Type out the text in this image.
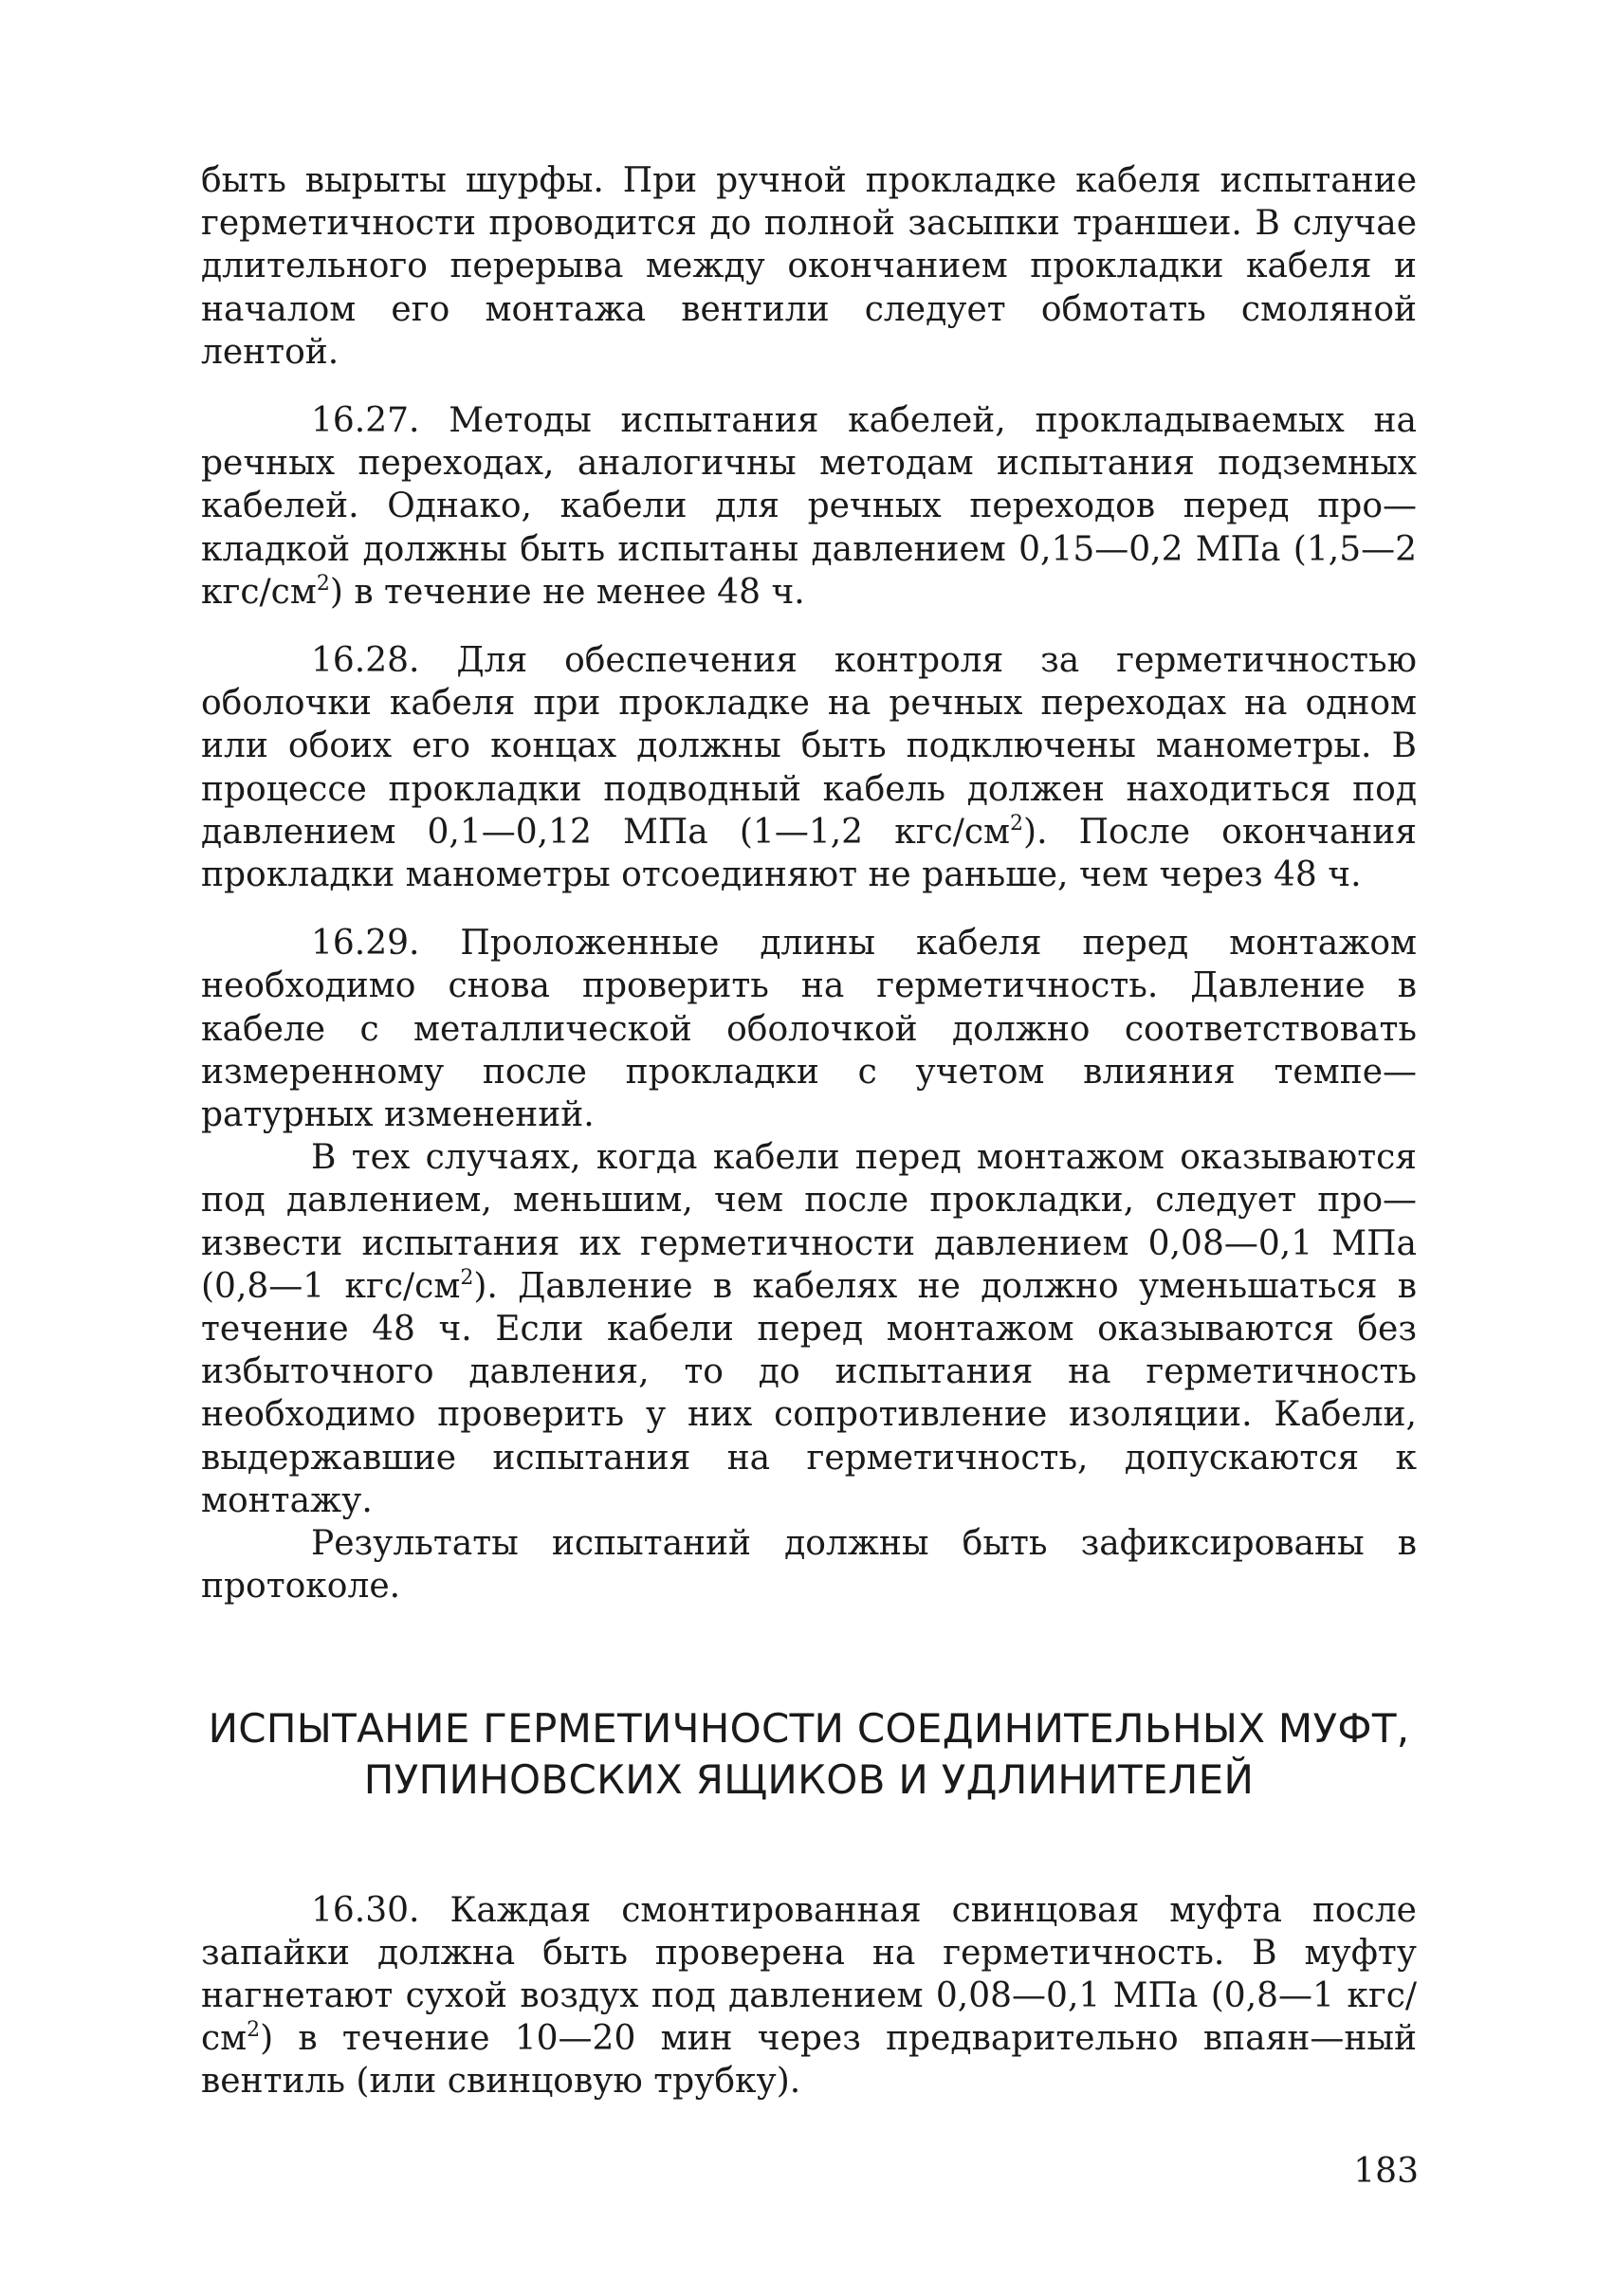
быть вырыты шурфы. При ручной прокладке кабеля испытание герметичности проводится до полной засыпки траншеи. В случае длительного перерыва между окончанием прокладки кабеля и началом его монтажа вентили следует обмотать смоляной лентой.

16.27. Методы испытания кабелей, прокладываемых на речных переходах, аналогичны методам испытания подземных кабелей. Однако, кабели для речных переходов перед про—кладкой должны быть испытаны давлением 0,15—0,2 МПа (1,5—2 кгс/$см^2$) в течение не менее 48 ч.

16.28. Для обеспечения контроля за герметичностью оболочки кабеля при прокладке на речных переходах на одном или обоих его концах должны быть подключены манометры. В процессе прокладки подводный кабель должен находиться под давлением 0,1—0,12 МПа (1—1,2 кгс/$см^2$). После окончания прокладки манометры отсоединяют не раньше, чем через 48 ч.

16.29. Проложенные длины кабеля перед монтажом необходимо снова проверить на герметичность. Давление в кабеле с металлической оболочкой должно соответствовать измеренному после прокладки с учетом влияния темпе—ратурных изменений.

В тех случаях, когда кабели перед монтажом оказываются под давлением, меньшим, чем после прокладки, следует про—извести испытания их герметичности давлением 0,08—0,1 МПа (0,8—1 кгс/$см^2$). Давление в кабелях не должно уменьшаться в течение 48 ч. Если кабели перед монтажом оказываются без избыточного давления, то до испытания на герметичность необходимо проверить у них сопротивление изоляции. Кабели, выдержавшие испытания на герметичность, допускаются к монтажу.

Результаты испытаний должны быть зафиксированы в протоколе.

ИСПЫТАНИЕ ГЕРМЕТИЧНОСТИ СОЕДИНИТЕЛЬНЫХ МУФТ,
ПУПИНОВСКИХ ЯЩИКОВ И УДЛИНИТЕЛЕЙ

16.30. Каждая смонтированная свинцовая муфта после запайки должна быть проверена на герметичность. В муфту нагнетают сухой воздух под давлением 0,08—0,1 МПа (0,8—1 кгс/$см^2$) в течение 10—20 мин через предварительно впаян—ный вентиль (или свинцовую трубку).

183
